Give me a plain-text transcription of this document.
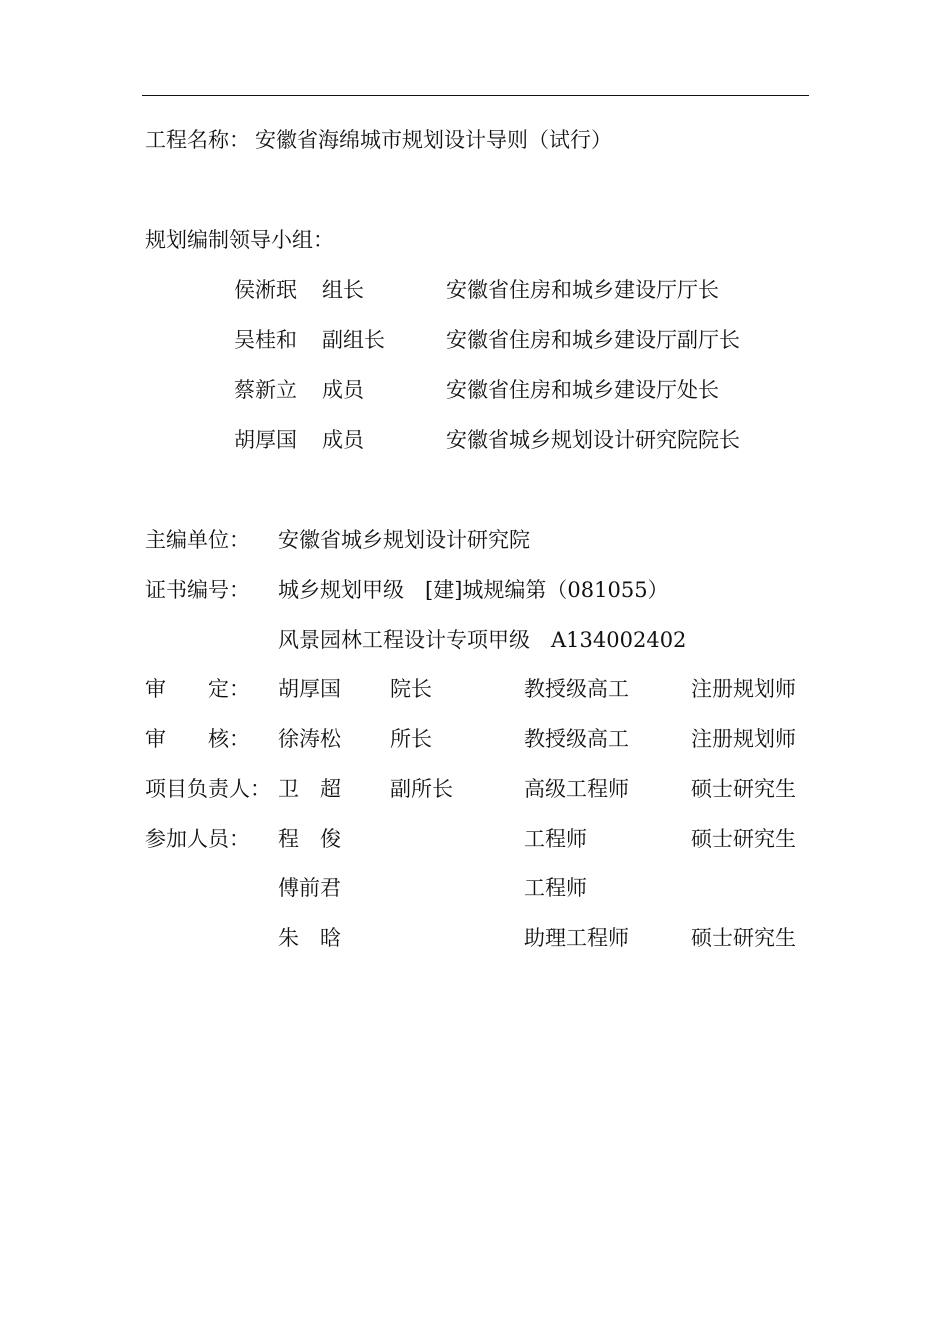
工程名称： 安徽省海绵城市规划设计导则（试行）
规划编制领导小组：
侯淅珉 组长	安徽省住房和城乡建设厅厅长
吴桂和 副组长	安徽省住房和城乡建设厅副厅长
蔡新立 成员	安徽省住房和城乡建设厅处长
胡厚国 成员	安徽省城乡规划设计研究院院长
主编单位： 安徽省城乡规划设计研究院
证书编号： 城乡规划甲级　[建]城规编第（081055）
风景园林工程设计专项甲级　A134002402
审　　定： 胡厚国 院长	教授级高工	注册规划师
审　　核： 徐涛松 所长	教授级高工	注册规划师
项目负责人： 卫　超 副所长	高级工程师	硕士研究生
参加人员： 程　俊	工程师	硕士研究生
傅前君	工程师
朱　晗	助理工程师	硕士研究生
